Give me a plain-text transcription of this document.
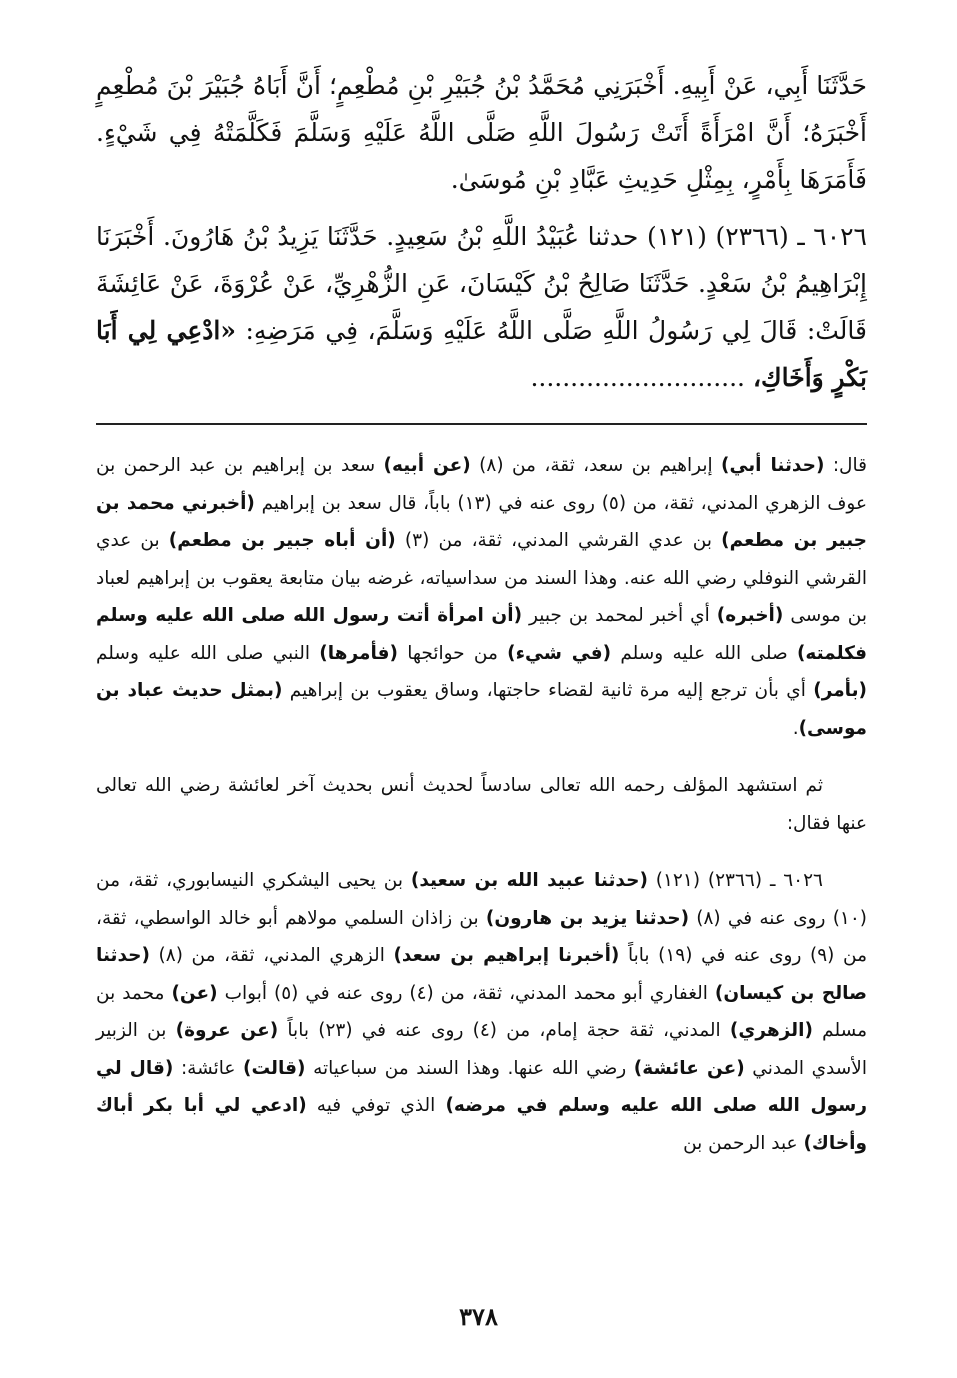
حَدَّثَنَا أَبِي، عَنْ أَبِيهِ. أَخْبَرَنِي مُحَمَّدُ بْنُ جُبَيْرِ بْنِ مُطْعِمٍ؛ أَنَّ أَبَاهُ جُبَيْرَ بْنَ مُطْعِمٍ أَخْبَرَهُ؛ أَنَّ امْرَأَةً أَتَتْ رَسُولَ اللَّهِ صَلَّى اللَّهُ عَلَيْهِ وَسَلَّمَ فَكَلَّمَتْهُ فِي شَيْءٍ. فَأَمَرَهَا بِأَمْرٍ، بِمِثْلِ حَدِيثِ عَبَّادِ بْنِ مُوسَىٰ.

٦٠٢٦ ـ (٢٣٦٦) (١٢١) حدثنا عُبَيْدُ اللَّهِ بْنُ سَعِيدٍ. حَدَّثَنَا يَزِيدُ بْنُ هَارُونَ. أَخْبَرَنَا إِبْرَاهِيمُ بْنُ سَعْدٍ. حَدَّثَنَا صَالِحُ بْنُ كَيْسَانَ، عَنِ الزُّهْرِيِّ، عَنْ عُرْوَةَ، عَنْ عَائِشَةَ قَالَتْ: قَالَ لِي رَسُولُ اللَّهِ صَلَّى اللَّهُ عَلَيْهِ وَسَلَّمَ، فِي مَرَضِهِ: «ادْعِي لِي أَبَا بَكْرٍ وَأَخَاكِ، ...........................

قال: (حدثنا أبي) إبراهيم بن سعد، ثقة، من (٨) (عن أبيه) سعد بن إبراهيم بن عبد الرحمن بن عوف الزهري المدني، ثقة، من (٥) روى عنه في (١٣) باباً، قال سعد بن إبراهيم (أخبرني محمد بن جبير بن مطعم) بن عدي القرشي المدني، ثقة، من (٣) (أن أباه جبير بن مطعم) بن عدي القرشي النوفلي رضي الله عنه. وهذا السند من سداسياته، غرضه بيان متابعة يعقوب بن إبراهيم لعباد بن موسى (أخبره) أي أخبر لمحمد بن جبير (أن امرأة أتت رسول الله صلى الله عليه وسلم فكلمته) صلى الله عليه وسلم (في شيء) من حوائجها (فأمرها) النبي صلى الله عليه وسلم (بأمر) أي بأن ترجع إليه مرة ثانية لقضاء حاجتها، وساق يعقوب بن إبراهيم (بمثل حديث عباد بن موسى).

ثم استشهد المؤلف رحمه الله تعالى سادساً لحديث أنس بحديث آخر لعائشة رضي الله تعالى عنها فقال:

٦٠٢٦ ـ (٢٣٦٦) (١٢١) (حدثنا عبيد الله بن سعيد) بن يحيى اليشكري النيسابوري، ثقة، من (١٠) روى عنه في (٨) (حدثنا يزيد بن هارون) بن زاذان السلمي مولاهم أبو خالد الواسطي، ثقة، من (٩) روى عنه في (١٩) باباً (أخبرنا إبراهيم بن سعد) الزهري المدني، ثقة، من (٨) (حدثنا صالح بن كيسان) الغفاري أبو محمد المدني، ثقة، من (٤) روى عنه في (٥) أبواب (عن) محمد بن مسلم (الزهري) المدني، ثقة حجة إمام، من (٤) روى عنه في (٢٣) باباً (عن عروة) بن الزبير الأسدي المدني (عن عائشة) رضي الله عنها. وهذا السند من سباعياته (قالت) عائشة: (قال لي رسول الله صلى الله عليه وسلم في مرضه) الذي توفي فيه (ادعي لي أبا بكر أباك وأخاك) عبد الرحمن بن

٣٧٨
